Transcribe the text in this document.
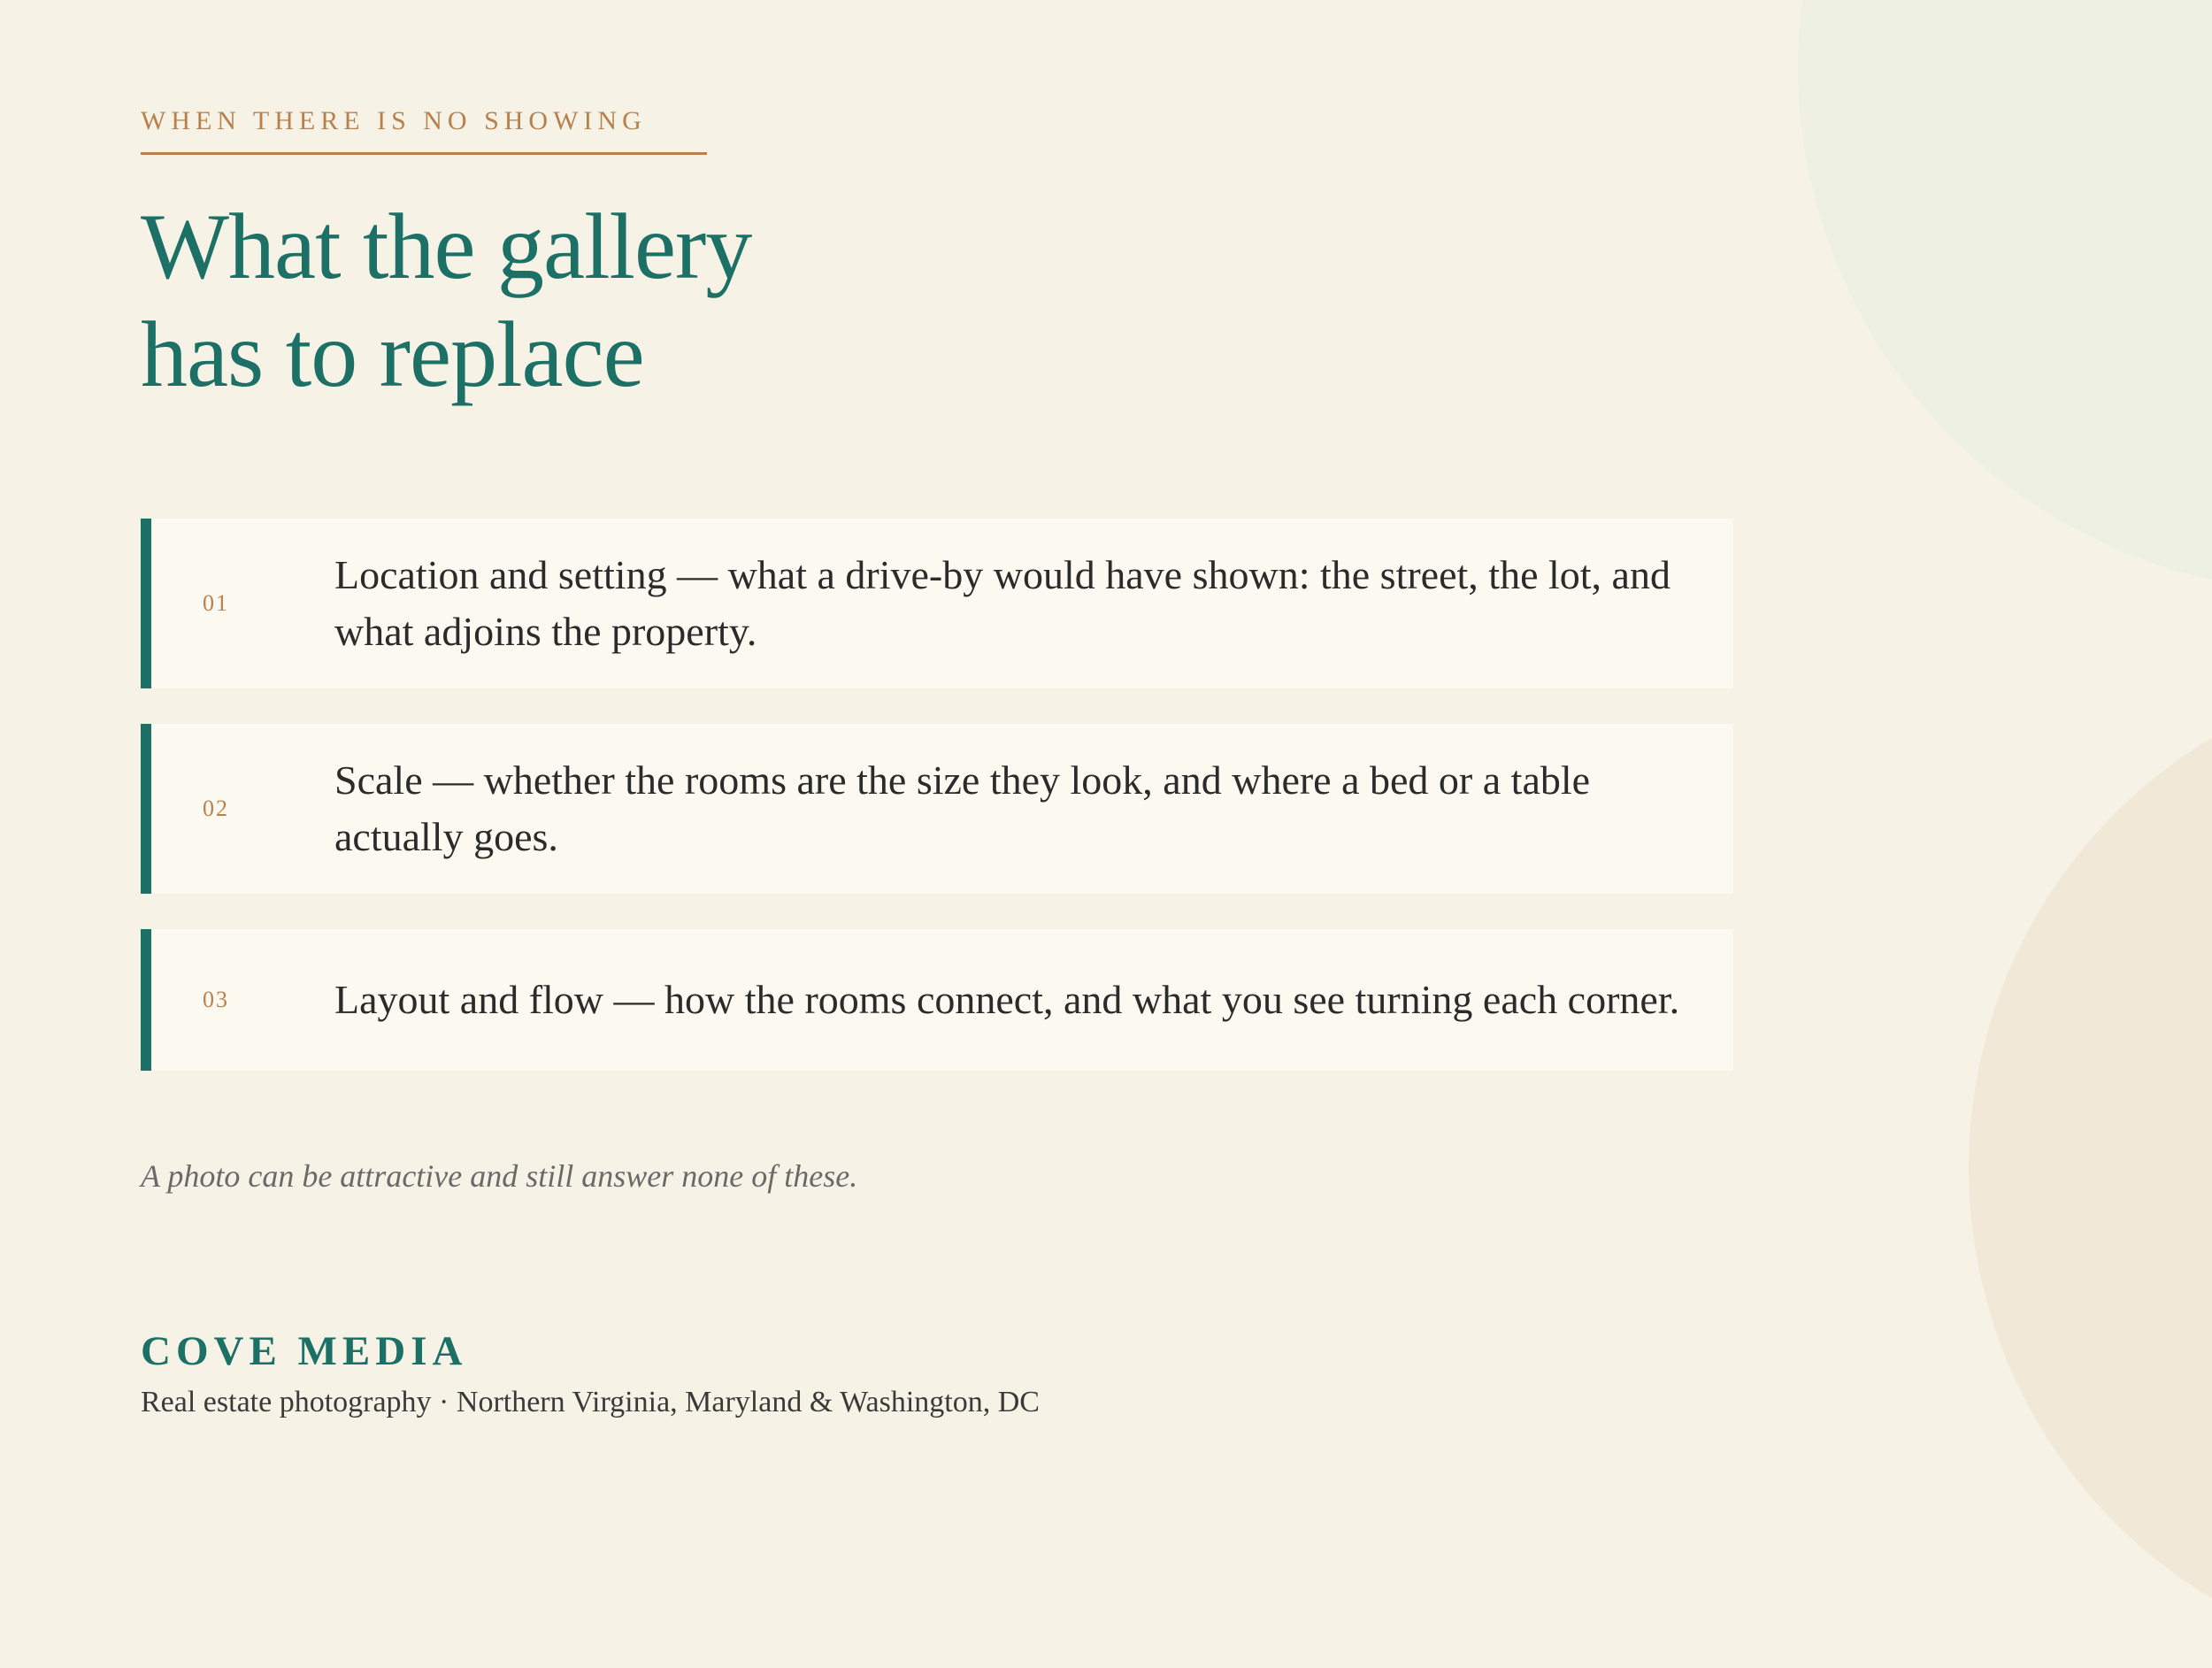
WHEN THERE IS NO SHOWING
What the gallery
has to replace
01
Location and setting — what a drive-by would have shown: the street, the lot, and what adjoins the property.
02
Scale — whether the rooms are the size they look, and where a bed or a table actually goes.
03	Layout and flow — how the rooms connect, and what you see turning each corner.
A photo can be attractive and still answer none of these.
COVE MEDIA
Real estate photography · Northern Virginia, Maryland & Washington, DC
